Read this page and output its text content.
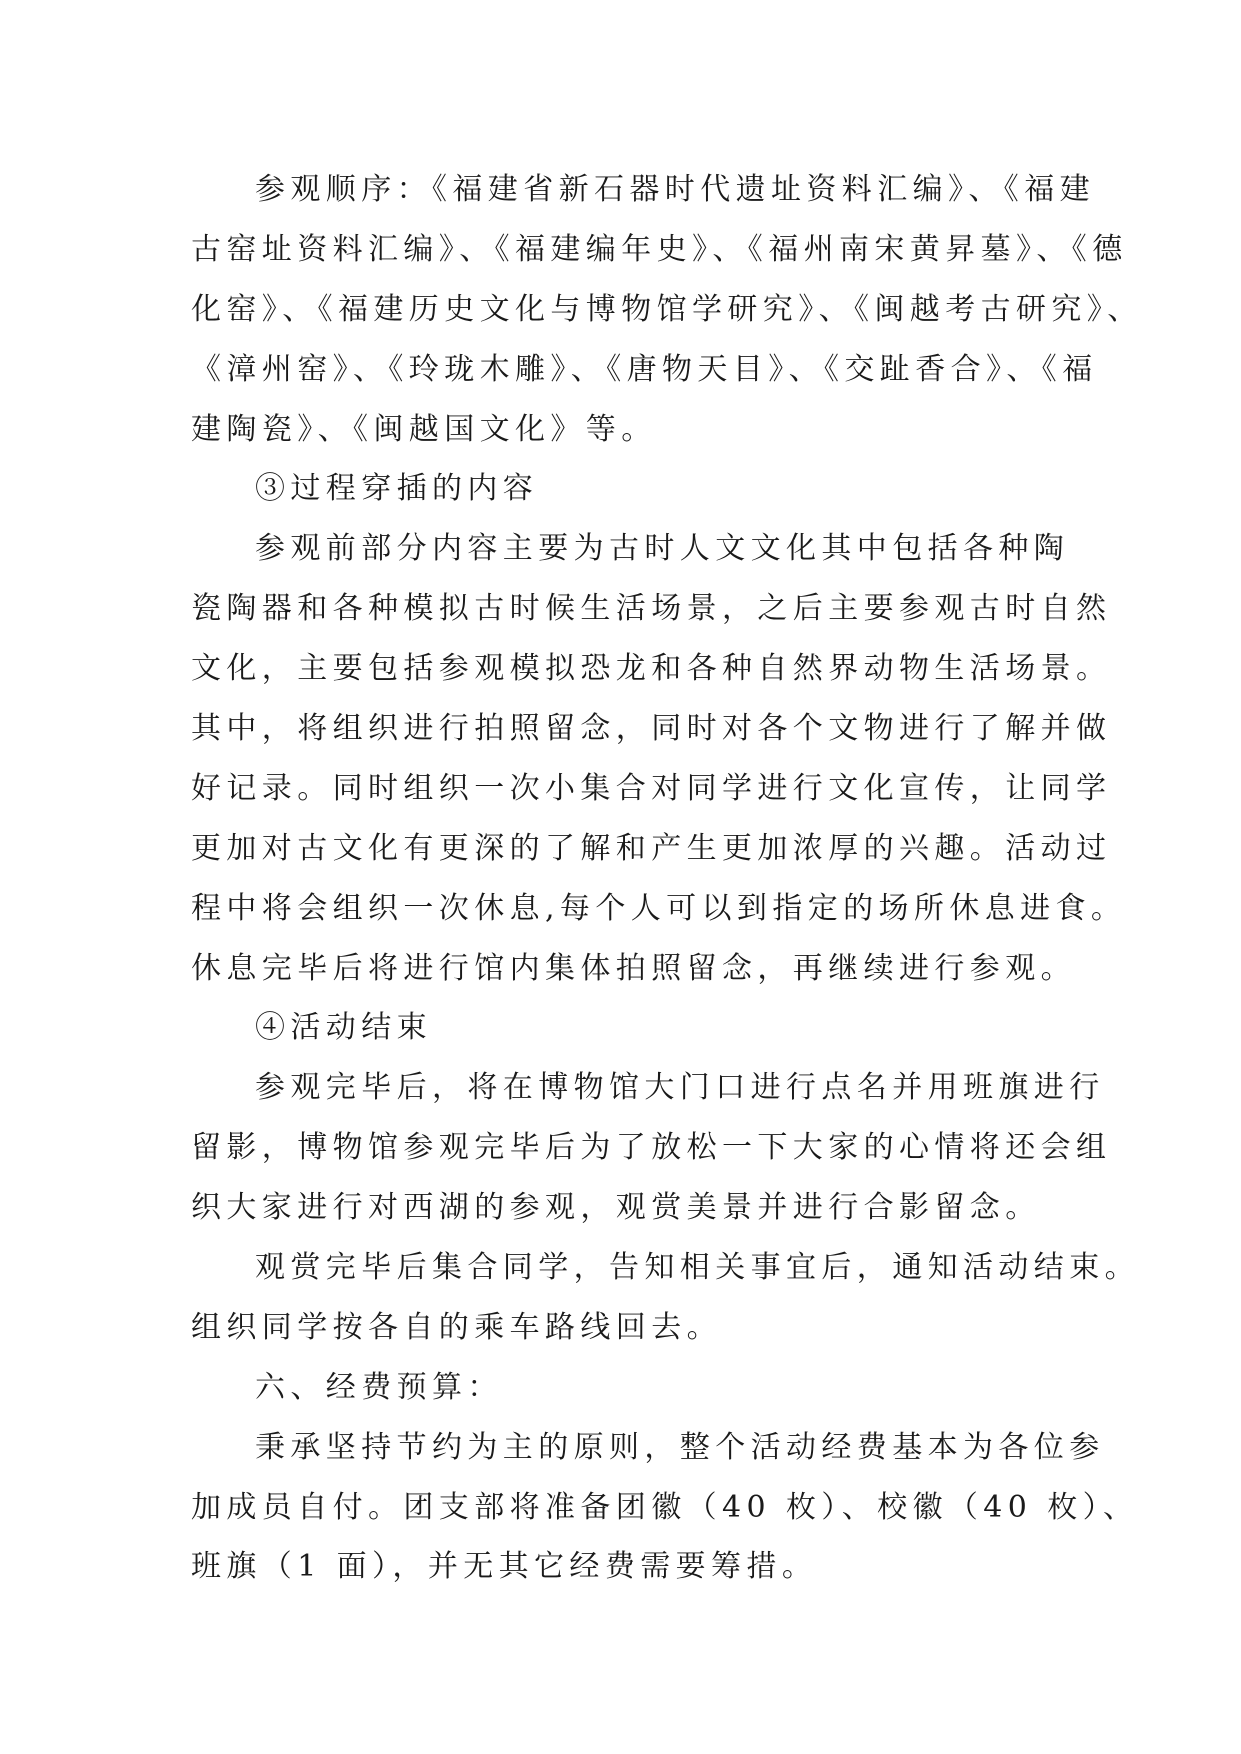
参观顺序：《福建省新石器时代遗址资料汇编》、《福建
古窑址资料汇编》、《福建编年史》、《福州南宋黄昇墓》、《德
化窑》、《福建历史文化与博物馆学研究》、《闽越考古研究》、
《漳州窑》、《玲珑木雕》、《唐物天目》、《交趾香合》、《福
建陶瓷》、《闽越国文化》等。
③过程穿插的内容
参观前部分内容主要为古时人文文化其中包括各种陶
瓷陶器和各种模拟古时候生活场景，之后主要参观古时自然
文化，主要包括参观模拟恐龙和各种自然界动物生活场景。
其中，将组织进行拍照留念，同时对各个文物进行了解并做
好记录。同时组织一次小集合对同学进行文化宣传，让同学
更加对古文化有更深的了解和产生更加浓厚的兴趣。活动过
程中将会组织一次休息,每个人可以到指定的场所休息进食。
休息完毕后将进行馆内集体拍照留念，再继续进行参观。
④活动结束
参观完毕后，将在博物馆大门口进行点名并用班旗进行
留影，博物馆参观完毕后为了放松一下大家的心情将还会组
织大家进行对西湖的参观，观赏美景并进行合影留念。
观赏完毕后集合同学，告知相关事宜后，通知活动结束。
组织同学按各自的乘车路线回去。
六、经费预算：
秉承坚持节约为主的原则，整个活动经费基本为各位参
加成员自付。团支部将准备团徽（40 枚）、校徽（40 枚）、
班旗（1 面），并无其它经费需要筹措。
